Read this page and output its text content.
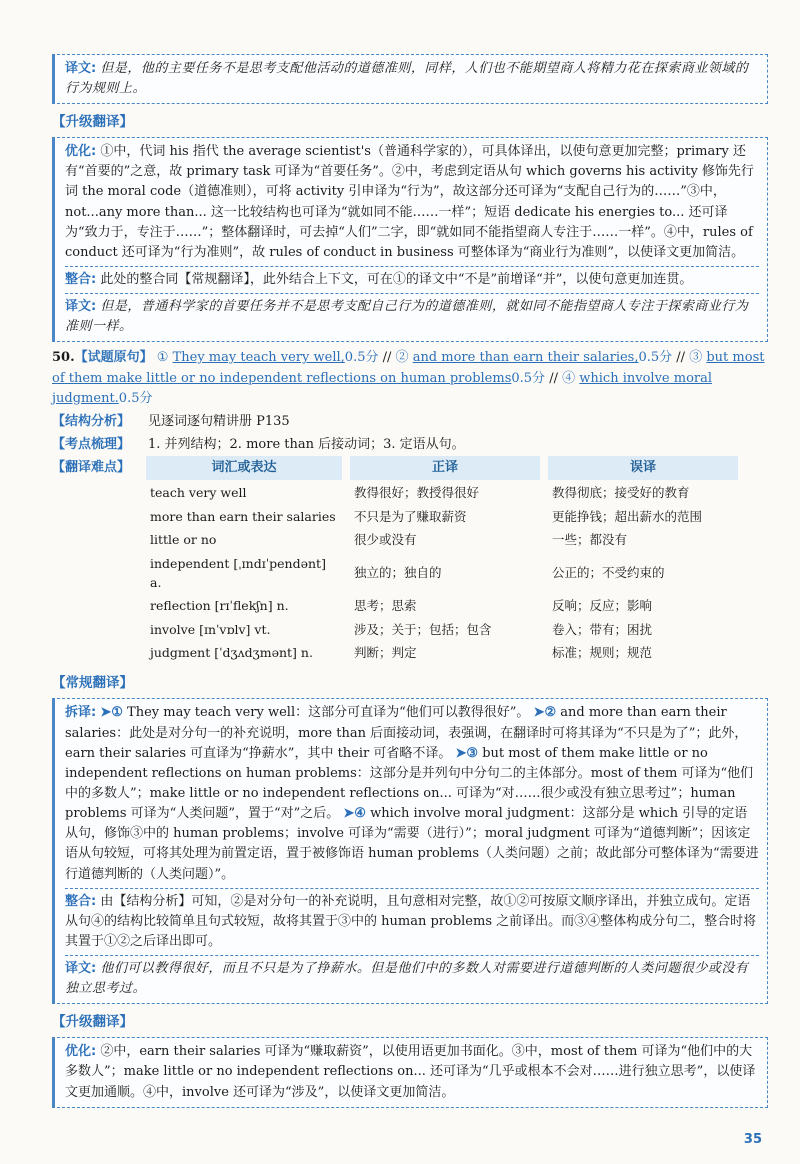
译文: 但是，他的主要任务不是思考支配他活动的道德准则，同样，人们也不能期望商人将精力花在探索商业领域的行为规则上。
【升级翻译】
优化: ①中，代词 his 指代 the average scientist's（普通科学家的），可具体译出，以使句意更加完整；primary 还有“首要的”之意，故 primary task 可译为“首要任务”。②中，考虑到定语从句 which governs his activity 修饰先行词 the moral code（道德准则），可将 activity 引申译为“行为”，故这部分还可译为“支配自己行为的……”③中，not...any more than... 这一比较结构也可译为“就如同不能……一样”；短语 dedicate his energies to... 还可译为“致力于，专注于……”；整体翻译时，可去掉“人们”二字，即“就如同不能指望商人专注于……一样”。④中，rules of conduct 还可译为“行为准则”，故 rules of conduct in business 可整体译为“商业行为准则”，以使译文更加简洁。
整合: 此处的整合同【常规翻译】，此外结合上下文，可在①的译文中“不是”前增译“并”，以使句意更加连贯。
译文: 但是，普通科学家的首要任务并不是思考支配自己行为的道德准则，就如同不能指望商人专注于探索商业行为准则一样。
50.【试题原句】 ① They may teach very well,0.5分 // ② and more than earn their salaries,0.5分 // ③ but most of them make little or no independent reflections on human problems0.5分 // ④ which involve moral judgment.0.5分
【结构分析】	见逐词逐句精讲册 P135
【考点梳理】	1. 并列结构；2. more than 后接动词；3. 定语从句。
【翻译难点】	词汇或表达	正译	误译
teach very well	教得很好；教授得很好	教得彻底；接受好的教育
more than earn their salaries	不只是为了赚取薪资	更能挣钱；超出薪水的范围
little or no	很少或没有	一些；都没有
independent [ˌɪndɪˈpendənt] a.	独立的；独自的	公正的；不受约束的
reflection [rɪˈflekʃn] n.	思考；思索	反响；反应；影响
involve [ɪnˈvɒlv] vt.	涉及；关于；包括；包含	卷入；带有；困扰
judgment [ˈdʒʌdʒmənt] n.	判断；判定	标准；规则；规范
【常规翻译】
拆译: ➤① They may teach very well：这部分可直译为“他们可以教得很好”。 ➤② and more than earn their salaries：此处是对分句一的补充说明，more than 后面接动词，表强调，在翻译时可将其译为“不只是为了”；此外，earn their salaries 可直译为“挣薪水”，其中 their 可省略不译。 ➤③ but most of them make little or no independent reflections on human problems：这部分是并列句中分句二的主体部分。most of them 可译为“他们中的多数人”；make little or no independent reflections on... 可译为“对……很少或没有独立思考过”；human problems 可译为“人类问题”，置于“对”之后。 ➤④ which involve moral judgment：这部分是 which 引导的定语从句，修饰③中的 human problems；involve 可译为“需要（进行）”；moral judgment 可译为“道德判断”；因该定语从句较短，可将其处理为前置定语，置于被修饰语 human problems（人类问题）之前；故此部分可整体译为“需要进行道德判断的（人类问题）”。
整合: 由【结构分析】可知，②是对分句一的补充说明，且句意相对完整，故①②可按原文顺序译出，并独立成句。定语从句④的结构比较简单且句式较短，故将其置于③中的 human problems 之前译出。而③④整体构成分句二，整合时将其置于①②之后译出即可。
译文: 他们可以教得很好，而且不只是为了挣薪水。但是他们中的多数人对需要进行道德判断的人类问题很少或没有独立思考过。
【升级翻译】
优化: ②中，earn their salaries 可译为“赚取薪资”，以使用语更加书面化。③中，most of them 可译为“他们中的大多数人”；make little or no independent reflections on... 还可译为“几乎或根本不会对……进行独立思考”，以使译文更加通顺。④中，involve 还可译为“涉及”，以使译文更加简洁。
35
